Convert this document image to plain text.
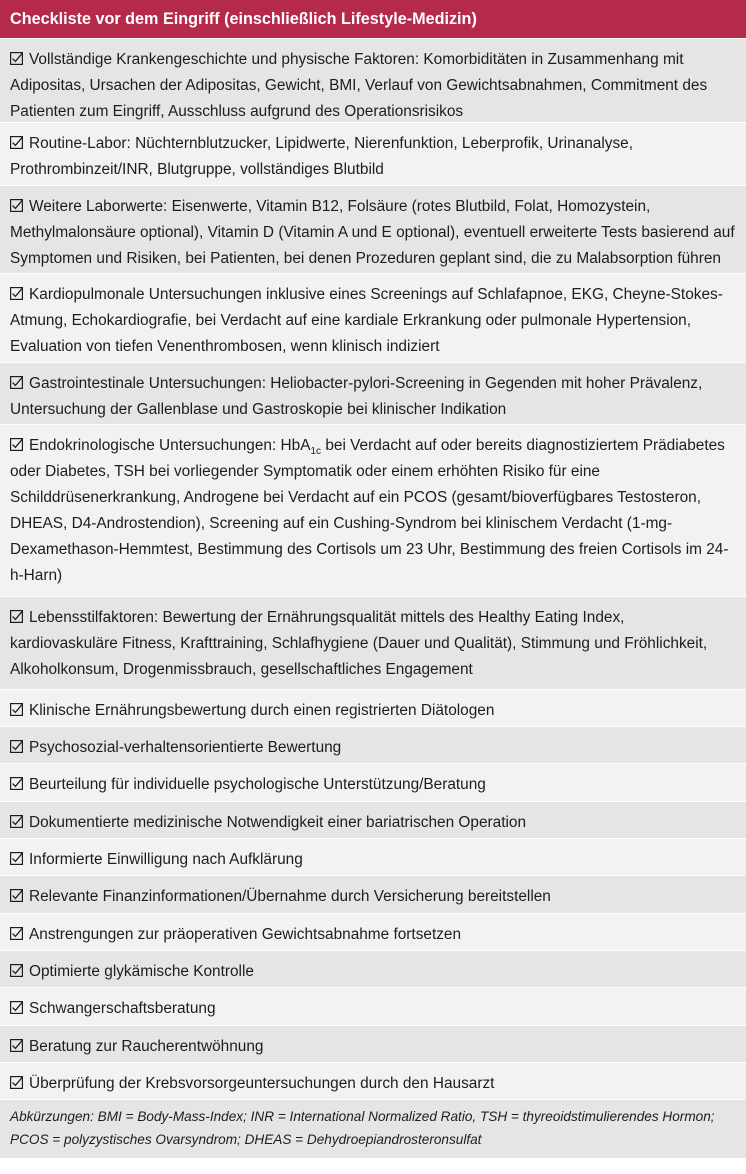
Checkliste vor dem Eingriff (einschließlich Lifestyle-Medizin)
Vollständige Krankengeschichte und physische Faktoren: Komorbiditäten in Zusammenhang mit Adipositas, Ursachen der Adipositas, Gewicht, BMI, Verlauf von Gewichtsabnahmen, Commitment des Patienten zum Eingriff, Ausschluss aufgrund des Operationsrisikos
Routine-Labor: Nüchternblutzucker, Lipidwerte, Nierenfunktion, Leberprofik, Urinanalyse, Prothrombinzeit/INR, Blutgruppe, vollständiges Blutbild
Weitere Laborwerte: Eisenwerte, Vitamin B12, Folsäure (rotes Blutbild, Folat, Homozystein, Methylmalonsäure optional), Vitamin D (Vitamin A und E optional), eventuell erweiterte Tests basierend auf Symptomen und Risiken, bei Patienten, bei denen Prozeduren geplant sind, die zu Malabsorption führen
Kardiopulmonale Untersuchungen inklusive eines Screenings auf Schlafapnoe, EKG, Cheyne-Stokes-Atmung, Echokardiografie, bei Verdacht auf eine kardiale Erkrankung oder pulmonale Hypertension, Evaluation von tiefen Venenthrombosen, wenn klinisch indiziert
Gastrointestinale Untersuchungen: Heliobacter-pylori-Screening in Gegenden mit hoher Prävalenz, Untersuchung der Gallenblase und Gastroskopie bei klinischer Indikation
Endokrinologische Untersuchungen: HbA$_{1c}$ bei Verdacht auf oder bereits diagnostiziertem Prädiabetes oder Diabetes, TSH bei vorliegender Symptomatik oder einem erhöhten Risiko für eine Schilddrüsenerkrankung, Androgene bei Verdacht auf ein PCOS (gesamt/bioverfügbares Testosteron, DHEAS, D4-Androstendion), Screening auf ein Cushing-Syndrom bei klinischem Verdacht (1-mg-Dexamethason-Hemmtest, Bestimmung des Cortisols um 23 Uhr, Bestimmung des freien Cortisols im 24-h-Harn)
Lebensstilfaktoren: Bewertung der Ernährungsqualität mittels des Healthy Eating Index, kardiovaskuläre Fitness, Krafttraining, Schlafhygiene (Dauer und Qualität), Stimmung und Fröhlichkeit, Alkoholkonsum, Drogenmissbrauch, gesellschaftliches Engagement
Klinische Ernährungsbewertung durch einen registrierten Diätologen
Psychosozial-verhaltensorientierte Bewertung
Beurteilung für individuelle psychologische Unterstützung/Beratung
Dokumentierte medizinische Notwendigkeit einer bariatrischen Operation
Informierte Einwilligung nach Aufklärung
Relevante Finanzinformationen/Übernahme durch Versicherung bereitstellen
Anstrengungen zur präoperativen Gewichtsabnahme fortsetzen
Optimierte glykämische Kontrolle
Schwangerschaftsberatung
Beratung zur Raucherentwöhnung
Überprüfung der Krebsvorsorgeuntersuchungen durch den Hausarzt
Abkürzungen: BMI = Body-Mass-Index; INR = International Normalized Ratio, TSH = thyreoidstimulierendes Hormon; PCOS = polyzystisches Ovarsyndrom; DHEAS = Dehydroepiandrosteronsulfat
